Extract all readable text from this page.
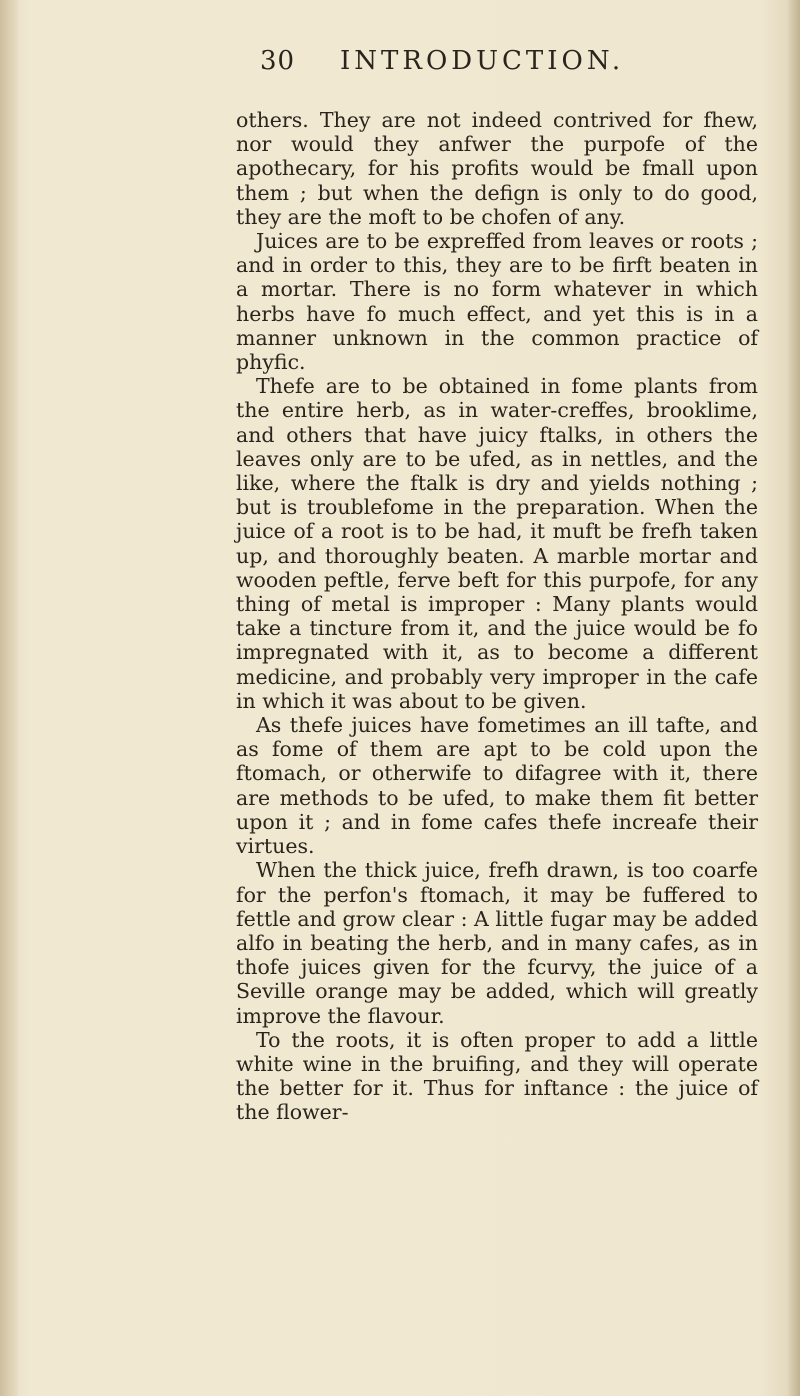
30 INTRODUCTION.

others. They are not indeed contrived for fhew, nor would they anfwer the purpofe of the apothecary, for his profits would be fmall upon them ; but when the defign is only to do good, they are the moft to be chofen of any.

Juices are to be expreffed from leaves or roots ; and in order to this, they are to be firft beaten in a mortar. There is no form whatever in which herbs have fo much effect, and yet this is in a manner unknown in the common practice of phyfic.

Thefe are to be obtained in fome plants from the entire herb, as in water-creffes, brooklime, and others that have juicy ftalks, in others the leaves only are to be ufed, as in nettles, and the like, where the ftalk is dry and yields nothing ; but is troublefome in the preparation. When the juice of a root is to be had, it muft be frefh taken up, and thoroughly beaten. A marble mortar and wooden peftle, ferve beft for this purpofe, for any thing of metal is improper : Many plants would take a tincture from it, and the juice would be fo impregnated with it, as to become a different medicine, and probably very improper in the cafe in which it was about to be given.

As thefe juices have fometimes an ill tafte, and as fome of them are apt to be cold upon the ftomach, or otherwife to difagree with it, there are methods to be ufed, to make them fit better upon it ; and in fome cafes thefe increafe their virtues.

When the thick juice, frefh drawn, is too coarfe for the perfon's ftomach, it may be fuffered to fettle and grow clear : A little fugar may be added alfo in beating the herb, and in many cafes, as in thofe juices given for the fcurvy, the juice of a Seville orange may be added, which will greatly improve the flavour.

To the roots, it is often proper to add a little white wine in the bruifing, and they will operate the better for it. Thus for inftance : the juice of the flower-
